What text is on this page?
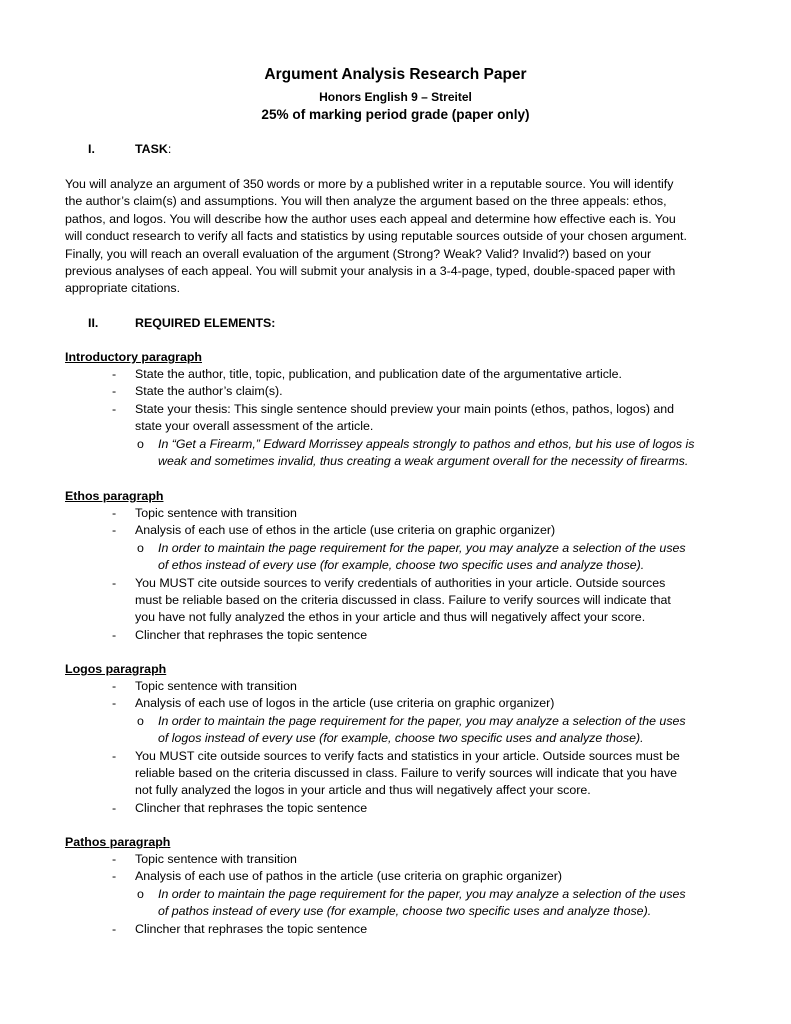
Argument Analysis Research Paper
Honors English 9 – Streitel
25% of marking period grade (paper only)
I.	TASK:

You will analyze an argument of 350 words or more by a published writer in a reputable source. You will identify

the author’s claim(s) and assumptions. You will then analyze the argument based on the three appeals: ethos,

pathos, and logos. You will describe how the author uses each appeal and determine how effective each is. You

will conduct research to verify all facts and statistics by using reputable sources outside of your chosen argument.

Finally, you will reach an overall evaluation of the argument (Strong? Weak? Valid? Invalid?) based on your

previous analyses of each appeal. You will submit your analysis in a 3-4-page, typed, double-spaced paper with

appropriate citations.

II.	REQUIRED ELEMENTS:
Introductory paragraph
- State the author, title, topic, publication, and publication date of the argumentative article.
- State the author’s claim(s).
- State your thesis: This single sentence should preview your main points (ethos, pathos, logos) and
state your overall assessment of the article.
o In “Get a Firearm,” Edward Morrissey appeals strongly to pathos and ethos, but his use of logos is
weak and sometimes invalid, thus creating a weak argument overall for the necessity of firearms.
Ethos paragraph
- Topic sentence with transition
- Analysis of each use of ethos in the article (use criteria on graphic organizer)
o In order to maintain the page requirement for the paper, you may analyze a selection of the uses
of ethos instead of every use (for example, choose two specific uses and analyze those).
- You MUST cite outside sources to verify credentials of authorities in your article. Outside sources
must be reliable based on the criteria discussed in class. Failure to verify sources will indicate that
you have not fully analyzed the ethos in your article and thus will negatively affect your score.
- Clincher that rephrases the topic sentence
Logos paragraph
- Topic sentence with transition
- Analysis of each use of logos in the article (use criteria on graphic organizer)
o In order to maintain the page requirement for the paper, you may analyze a selection of the uses
of logos instead of every use (for example, choose two specific uses and analyze those).
- You MUST cite outside sources to verify facts and statistics in your article. Outside sources must be
reliable based on the criteria discussed in class. Failure to verify sources will indicate that you have
not fully analyzed the logos in your article and thus will negatively affect your score.
- Clincher that rephrases the topic sentence
Pathos paragraph
- Topic sentence with transition
- Analysis of each use of pathos in the article (use criteria on graphic organizer)
o In order to maintain the page requirement for the paper, you may analyze a selection of the uses
of pathos instead of every use (for example, choose two specific uses and analyze those).
- Clincher that rephrases the topic sentence
